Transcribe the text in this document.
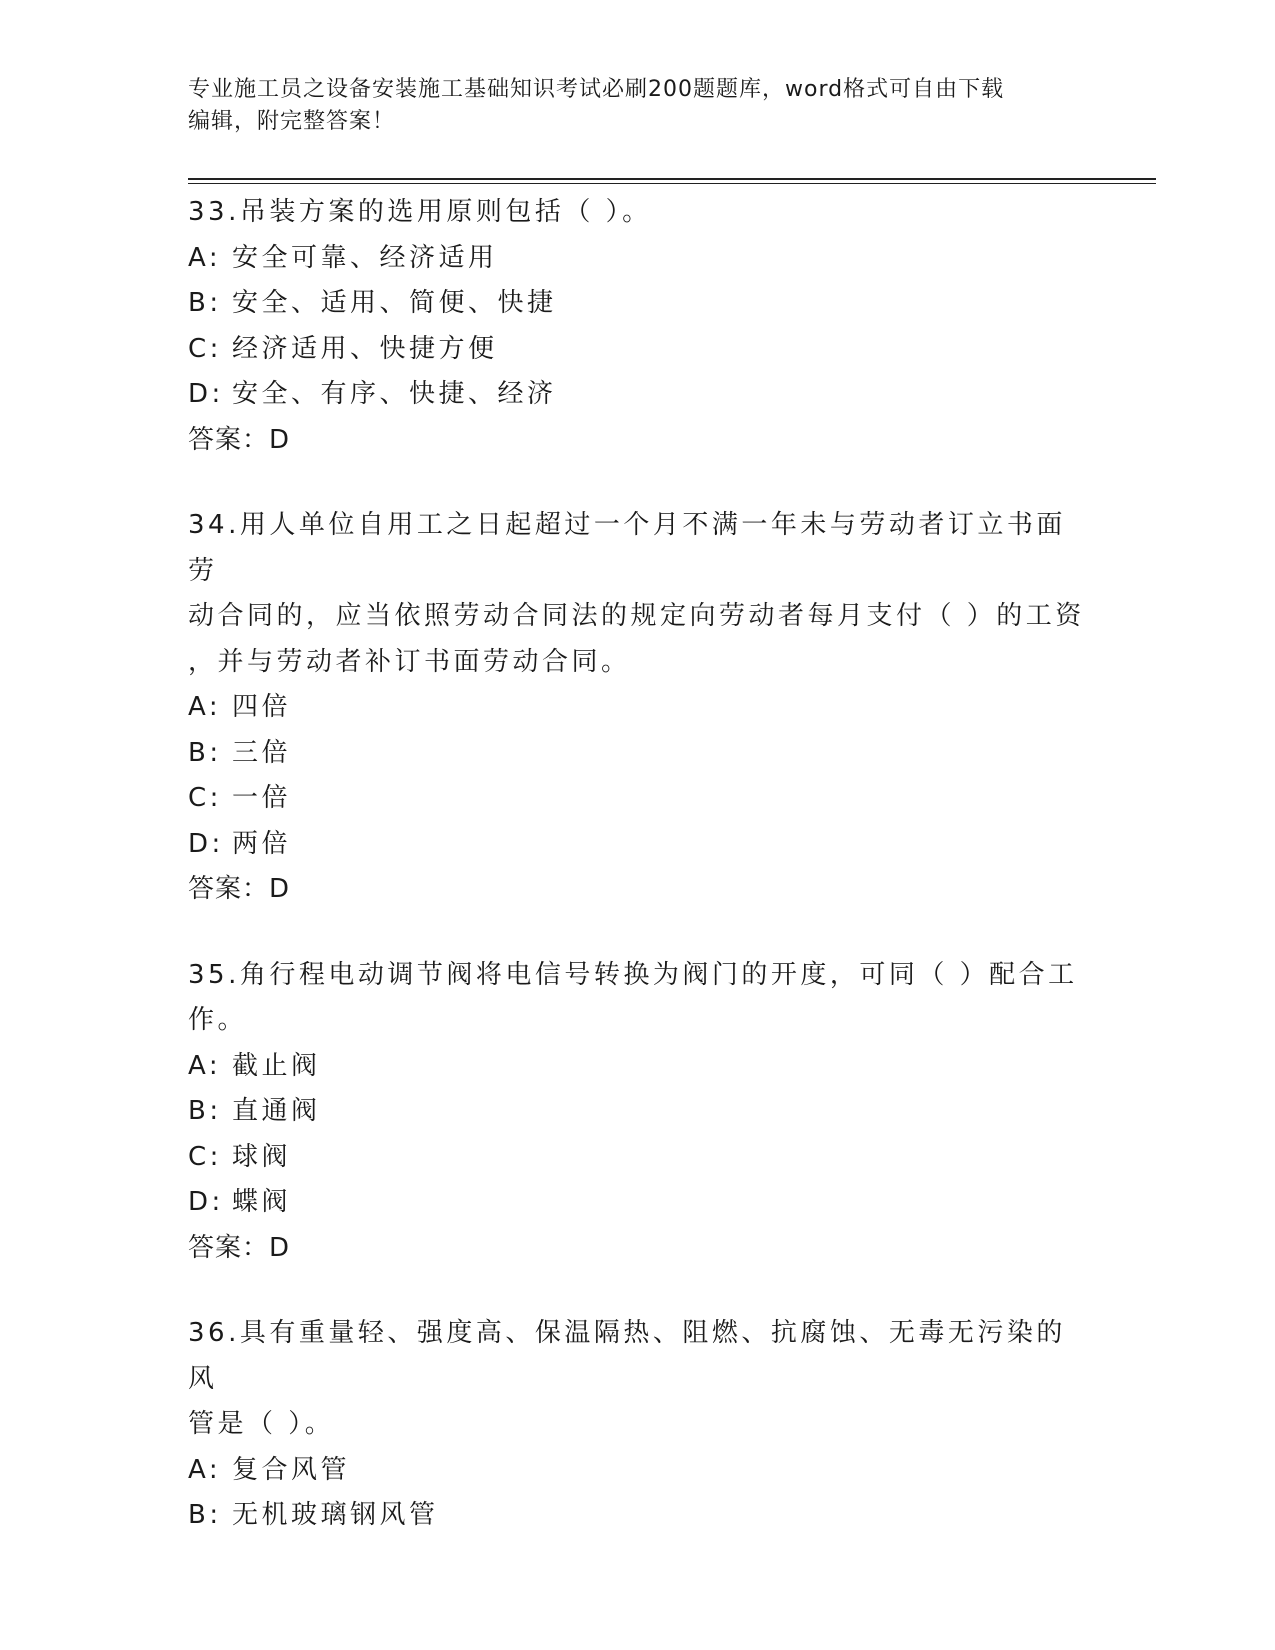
专业施工员之设备安装施工基础知识考试必刷200题题库，word格式可自由下载
编辑，附完整答案！

33.吊装方案的选用原则包括（ ）。

A: 安全可靠、经济适用

B: 安全、适用、简便、快捷

C: 经济适用、快捷方便

D: 安全、有序、快捷、经济

答案：D

34.用人单位自用工之日起超过一个月不满一年未与劳动者订立书面劳

动合同的，应当依照劳动合同法的规定向劳动者每月支付（ ）的工资

，并与劳动者补订书面劳动合同。

A: 四倍

B: 三倍

C: 一倍

D: 两倍

答案：D

35.角行程电动调节阀将电信号转换为阀门的开度，可同（ ）配合工

作。

A: 截止阀

B: 直通阀

C: 球阀

D: 蝶阀

答案：D

36.具有重量轻、强度高、保温隔热、阻燃、抗腐蚀、无毒无污染的风

管是（ ）。

A: 复合风管

B: 无机玻璃钢风管
